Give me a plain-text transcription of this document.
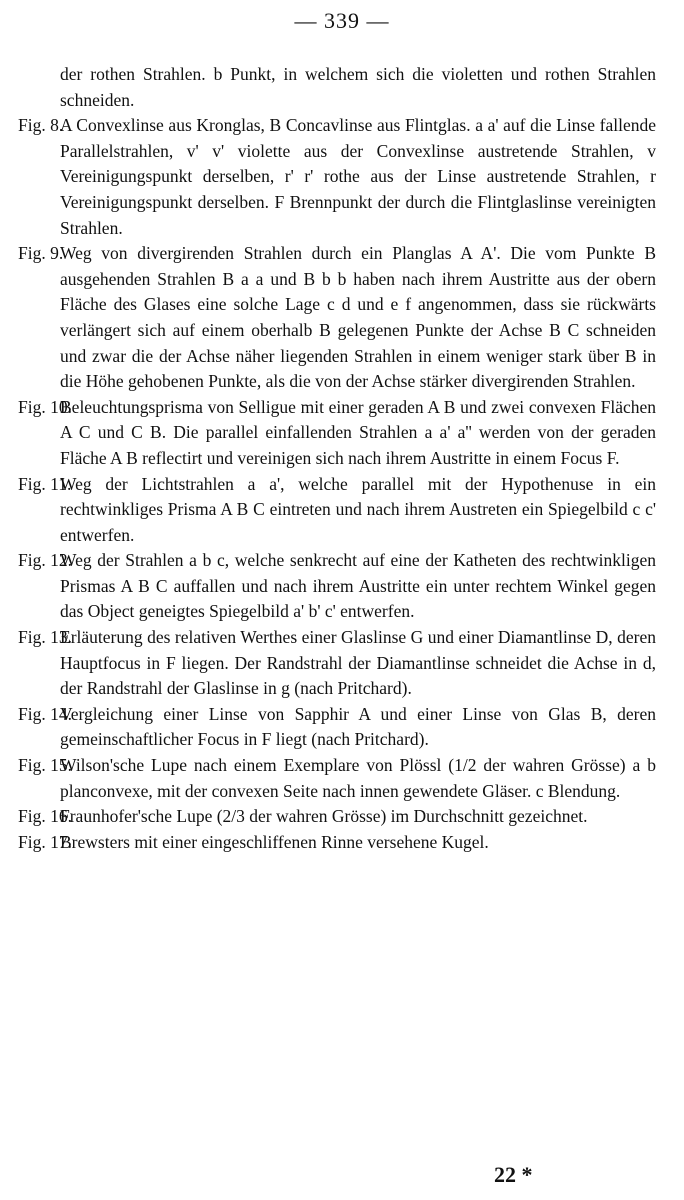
— 339 —
der rothen Strahlen. b Punkt, in welchem sich die violetten und rothen Strahlen schneiden.
Fig. 8.
A Convexlinse aus Kronglas, B Concavlinse aus Flintglas. a a' auf die Linse fallende Parallelstrahlen, v' v' violette aus der Convexlinse austretende Strahlen, v Vereinigungspunkt derselben, r' r' rothe aus der Linse austretende Strahlen, r Vereinigungspunkt derselben. F Brennpunkt der durch die Flintglaslinse vereinigten Strahlen.
Fig. 9.
Weg von divergirenden Strahlen durch ein Planglas A A'. Die vom Punkte B ausgehenden Strahlen B a a und B b b haben nach ihrem Austritte aus der obern Fläche des Glases eine solche Lage c d und e f angenommen, dass sie rückwärts verlängert sich auf einem oberhalb B gelegenen Punkte der Achse B C schneiden und zwar die der Achse näher liegenden Strahlen in einem weniger stark über B in die Höhe gehobenen Punkte, als die von der Achse stärker divergirenden Strahlen.
Fig. 10.
Beleuchtungsprisma von Selligue mit einer geraden A B und zwei convexen Flächen A C und C B. Die parallel einfallenden Strahlen a a' a'' werden von der geraden Fläche A B reflectirt und vereinigen sich nach ihrem Austritte in einem Focus F.
Fig. 11.
Weg der Lichtstrahlen a a', welche parallel mit der Hypothenuse in ein rechtwinkliges Prisma A B C eintreten und nach ihrem Austreten ein Spiegelbild c c' entwerfen.
Fig. 12.
Weg der Strahlen a b c, welche senkrecht auf eine der Katheten des rechtwinkligen Prismas A B C auffallen und nach ihrem Austritte ein unter rechtem Winkel gegen das Object geneigtes Spiegelbild a' b' c' entwerfen.
Fig. 13.
Erläuterung des relativen Werthes einer Glaslinse G und einer Diamantlinse D, deren Hauptfocus in F liegen. Der Randstrahl der Diamantlinse schneidet die Achse in d, der Randstrahl der Glaslinse in g (nach Pritchard).
Fig. 14.
Vergleichung einer Linse von Sapphir A und einer Linse von Glas B, deren gemeinschaftlicher Focus in F liegt (nach Pritchard).
Fig. 15.
Wilson'sche Lupe nach einem Exemplare von Plössl (1/2 der wahren Grösse) a b planconvexe, mit der convexen Seite nach innen gewendete Gläser. c Blendung.
Fig. 16.
Fraunhofer'sche Lupe (2/3 der wahren Grösse) im Durchschnitt gezeichnet.
Fig. 17.
Brewsters mit einer eingeschliffenen Rinne versehene Kugel.
22 *
